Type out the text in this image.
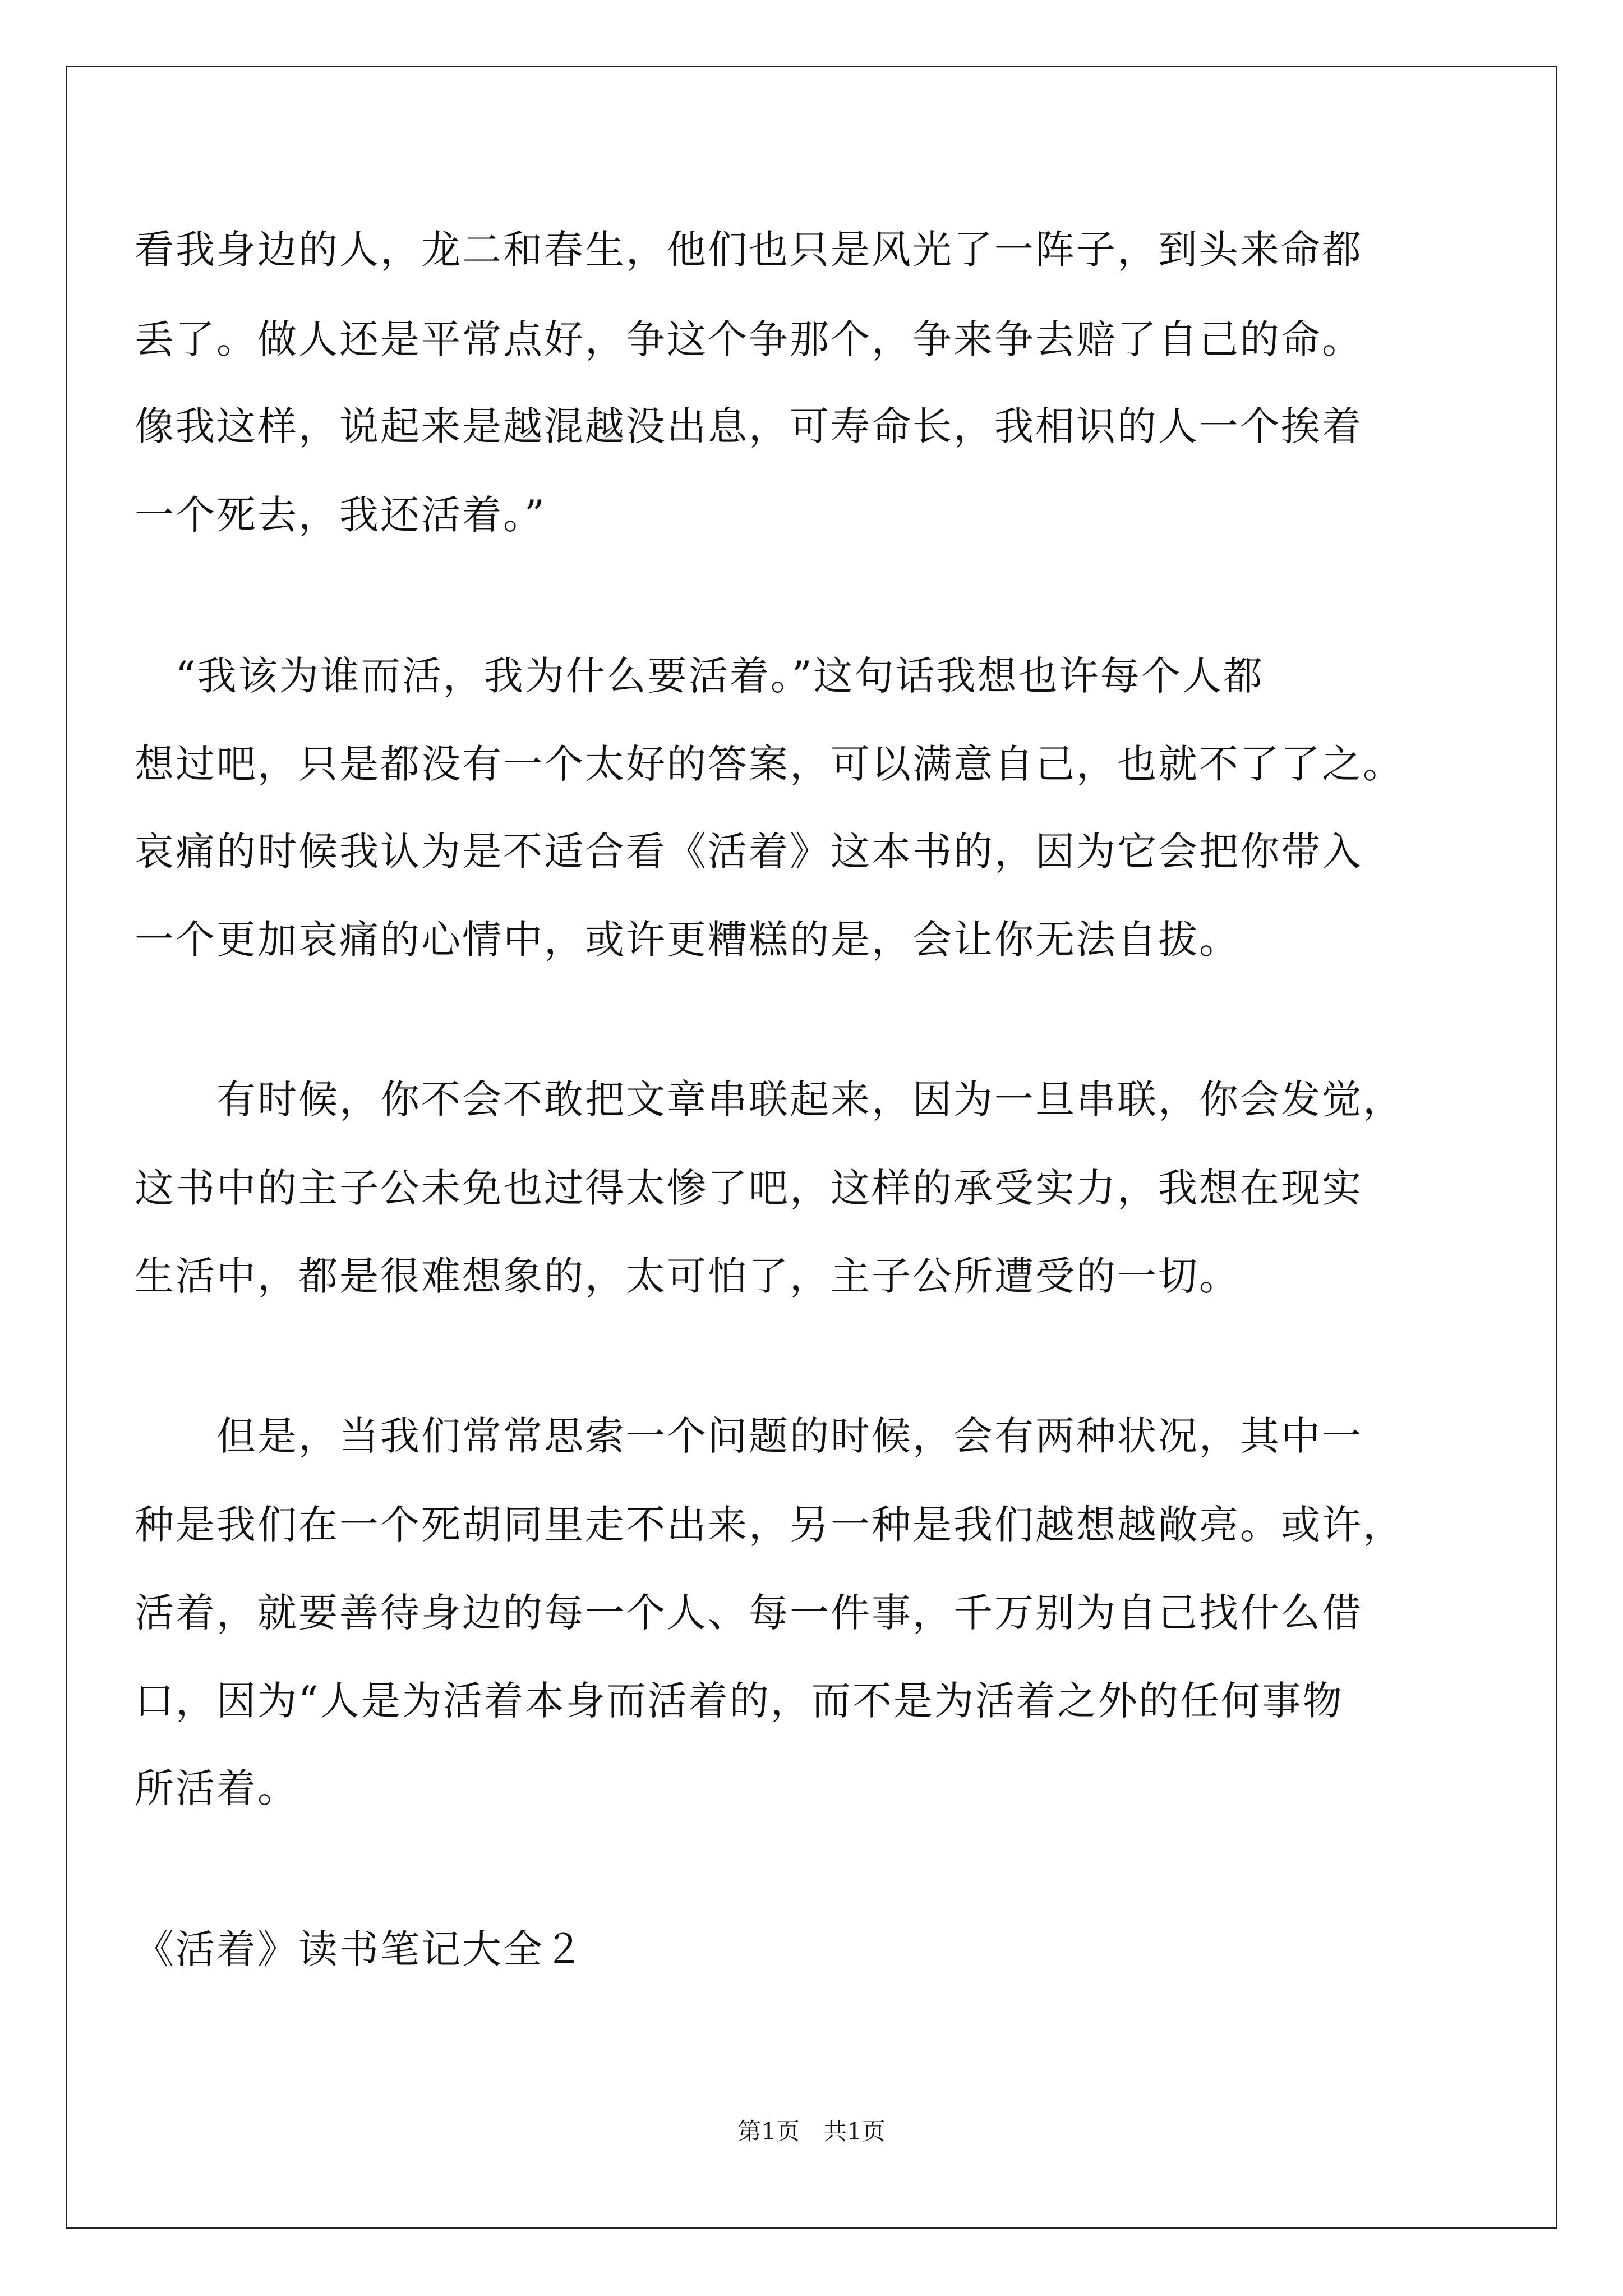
看我身边的人，龙二和春生，他们也只是风光了一阵子，到头来命都
丢了。做人还是平常点好，争这个争那个，争来争去赔了自己的命。
像我这样，说起来是越混越没出息，可寿命长，我相识的人一个挨着
一个死去，我还活着。”
　“我该为谁而活，我为什么要活着。”这句话我想也许每个人都
想过吧，只是都没有一个太好的答案，可以满意自己，也就不了了之。
哀痛的时候我认为是不适合看《活着》这本书的，因为它会把你带入
一个更加哀痛的心情中，或许更糟糕的是，会让你无法自拔。
　　有时候，你不会不敢把文章串联起来，因为一旦串联，你会发觉，
这书中的主子公未免也过得太惨了吧，这样的承受实力，我想在现实
生活中，都是很难想象的，太可怕了，主子公所遭受的一切。
　　但是，当我们常常思索一个问题的时候，会有两种状况，其中一
种是我们在一个死胡同里走不出来，另一种是我们越想越敞亮。或许，
活着，就要善待身边的每一个人、每一件事，千万别为自己找什么借
口，因为“人是为活着本身而活着的，而不是为活着之外的任何事物
所活着。
《活着》读书笔记大全２
第1页　共1页
